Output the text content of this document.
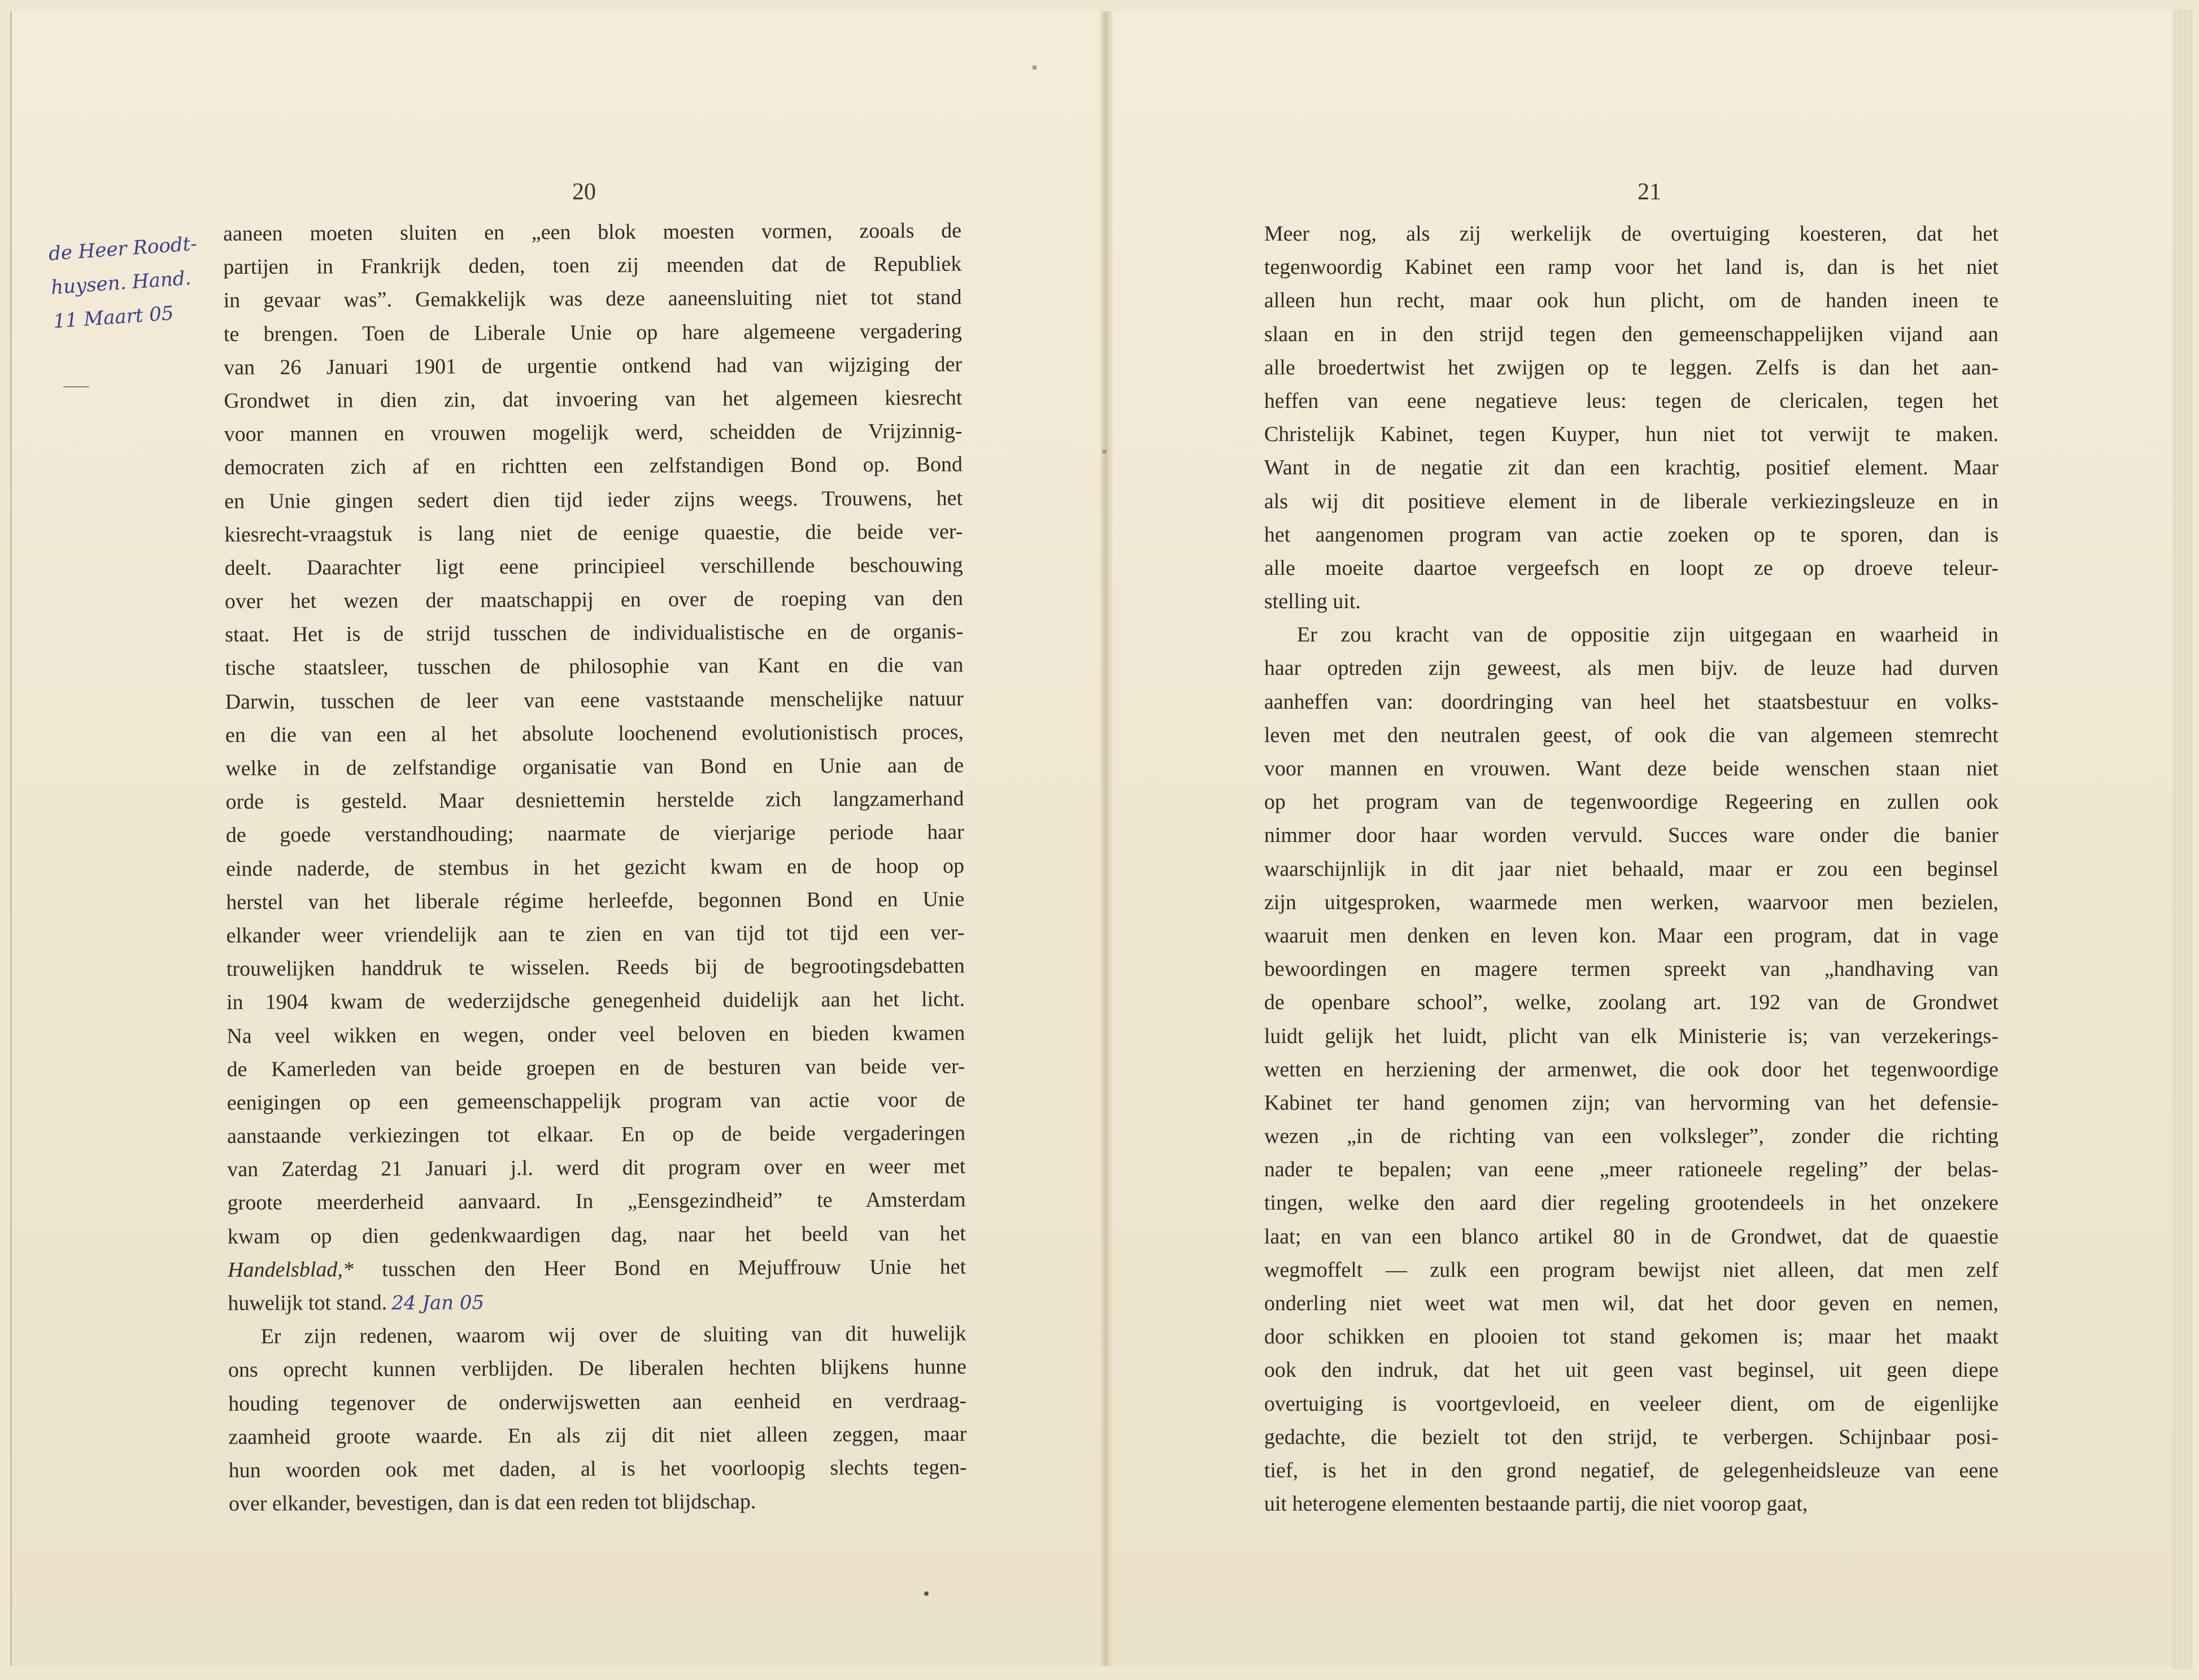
20	21
de Heer Roodt-
huysen. Hand.
11 Maart 05
aaneen moeten sluiten en „een blok moesten vormen, zooals de
partijen in Frankrijk deden, toen zij meenden dat de Republiek
in gevaar was”. Gemakkelijk was deze aaneensluiting niet tot stand
te brengen. Toen de Liberale Unie op hare algemeene vergadering
van 26 Januari 1901 de urgentie ontkend had van wijziging der
Grondwet in dien zin, dat invoering van het algemeen kiesrecht
voor mannen en vrouwen mogelijk werd, scheidden de Vrijzinnig-
democraten zich af en richtten een zelfstandigen Bond op. Bond
en Unie gingen sedert dien tijd ieder zijns weegs. Trouwens, het
kiesrecht-vraagstuk is lang niet de eenige quaestie, die beide ver-
deelt. Daarachter ligt eene principieel verschillende beschouwing
over het wezen der maatschappij en over de roeping van den
staat. Het is de strijd tusschen de individualistische en de organis-
tische staatsleer, tusschen de philosophie van Kant en die van
Darwin, tusschen de leer van eene vaststaande menschelijke natuur
en die van een al het absolute loochenend evolutionistisch proces,
welke in de zelfstandige organisatie van Bond en Unie aan de
orde is gesteld. Maar desniettemin herstelde zich langzamerhand
de goede verstandhouding; naarmate de vierjarige periode haar
einde naderde, de stembus in het gezicht kwam en de hoop op
herstel van het liberale régime herleefde, begonnen Bond en Unie
elkander weer vriendelijk aan te zien en van tijd tot tijd een ver-
trouwelijken handdruk te wisselen. Reeds bij de begrootingsdebatten
in 1904 kwam de wederzijdsche genegenheid duidelijk aan het licht.
Na veel wikken en wegen, onder veel beloven en bieden kwamen
de Kamerleden van beide groepen en de besturen van beide ver-
eenigingen op een gemeenschappelijk program van actie voor de
aanstaande verkiezingen tot elkaar. En op de beide vergaderingen
van Zaterdag 21 Januari j.l. werd dit program over en weer met
groote meerderheid aanvaard. In „Eensgezindheid” te Amsterdam
kwam op dien gedenkwaardigen dag, naar het beeld van het
Handelsblad,* tusschen den Heer Bond en Mejuffrouw Unie het
huwelijk tot stand. 24 Jan 05
Er zijn redenen, waarom wij over de sluiting van dit huwelijk
ons oprecht kunnen verblijden. De liberalen hechten blijkens hunne
houding tegenover de onderwijswetten aan eenheid en verdraag-
zaamheid groote waarde. En als zij dit niet alleen zeggen, maar
hun woorden ook met daden, al is het voorloopig slechts tegen-
over elkander, bevestigen, dan is dat een reden tot blijdschap.
Meer nog, als zij werkelijk de overtuiging koesteren, dat het
tegenwoordig Kabinet een ramp voor het land is, dan is het niet
alleen hun recht, maar ook hun plicht, om de handen ineen te
slaan en in den strijd tegen den gemeenschappelijken vijand aan
alle broedertwist het zwijgen op te leggen. Zelfs is dan het aan-
heffen van eene negatieve leus: tegen de clericalen, tegen het
Christelijk Kabinet, tegen Kuyper, hun niet tot verwijt te maken.
Want in de negatie zit dan een krachtig, positief element. Maar
als wij dit positieve element in de liberale verkiezingsleuze en in
het aangenomen program van actie zoeken op te sporen, dan is
alle moeite daartoe vergeefsch en loopt ze op droeve teleur-
stelling uit.
Er zou kracht van de oppositie zijn uitgegaan en waarheid in
haar optreden zijn geweest, als men bijv. de leuze had durven
aanheffen van: doordringing van heel het staatsbestuur en volks-
leven met den neutralen geest, of ook die van algemeen stemrecht
voor mannen en vrouwen. Want deze beide wenschen staan niet
op het program van de tegenwoordige Regeering en zullen ook
nimmer door haar worden vervuld. Succes ware onder die banier
waarschijnlijk in dit jaar niet behaald, maar er zou een beginsel
zijn uitgesproken, waarmede men werken, waarvoor men bezielen,
waaruit men denken en leven kon. Maar een program, dat in vage
bewoordingen en magere termen spreekt van „handhaving van
de openbare school”, welke, zoolang art. 192 van de Grondwet
luidt gelijk het luidt, plicht van elk Ministerie is; van verzekerings-
wetten en herziening der armenwet, die ook door het tegenwoordige
Kabinet ter hand genomen zijn; van hervorming van het defensie-
wezen „in de richting van een volksleger”, zonder die richting
nader te bepalen; van eene „meer rationeele regeling” der belas-
tingen, welke den aard dier regeling grootendeels in het onzekere
laat; en van een blanco artikel 80 in de Grondwet, dat de quaestie
wegmoffelt — zulk een program bewijst niet alleen, dat men zelf
onderling niet weet wat men wil, dat het door geven en nemen,
door schikken en plooien tot stand gekomen is; maar het maakt
ook den indruk, dat het uit geen vast beginsel, uit geen diepe
overtuiging is voortgevloeid, en veeleer dient, om de eigenlijke
gedachte, die bezielt tot den strijd, te verbergen. Schijnbaar posi-
tief, is het in den grond negatief, de gelegenheidsleuze van eene
uit heterogene elementen bestaande partij, die niet voorop gaat,
